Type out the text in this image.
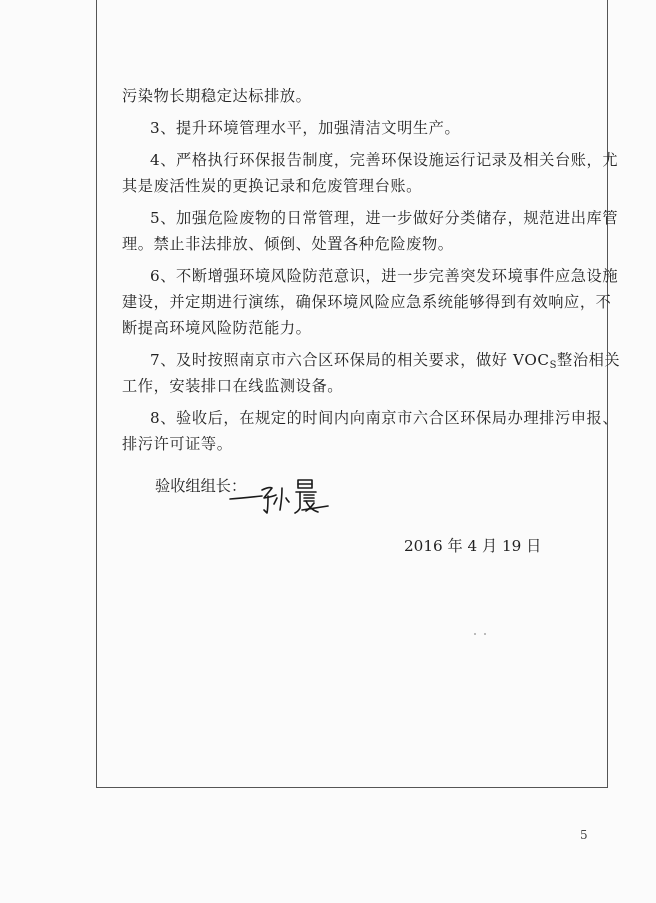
污染物长期稳定达标排放。
3、提升环境管理水平，加强清洁文明生产。
4、严格执行环保报告制度，完善环保设施运行记录及相关台账，尤
其是废活性炭的更换记录和危废管理台账。
5、加强危险废物的日常管理，进一步做好分类储存，规范进出库管
理。禁止非法排放、倾倒、处置各种危险废物。
6、不断增强环境风险防范意识，进一步完善突发环境事件应急设施
建设，并定期进行演练，确保环境风险应急系统能够得到有效响应，不
断提高环境风险防范能力。
7、及时按照南京市六合区环保局的相关要求，做好 $VOC_S$整治相关
工作，安装排口在线监测设备。
8、验收后，在规定的时间内向南京市六合区环保局办理排污申报、
排污许可证等。
验收组组长：
2016 年 4 月 19 日
5
